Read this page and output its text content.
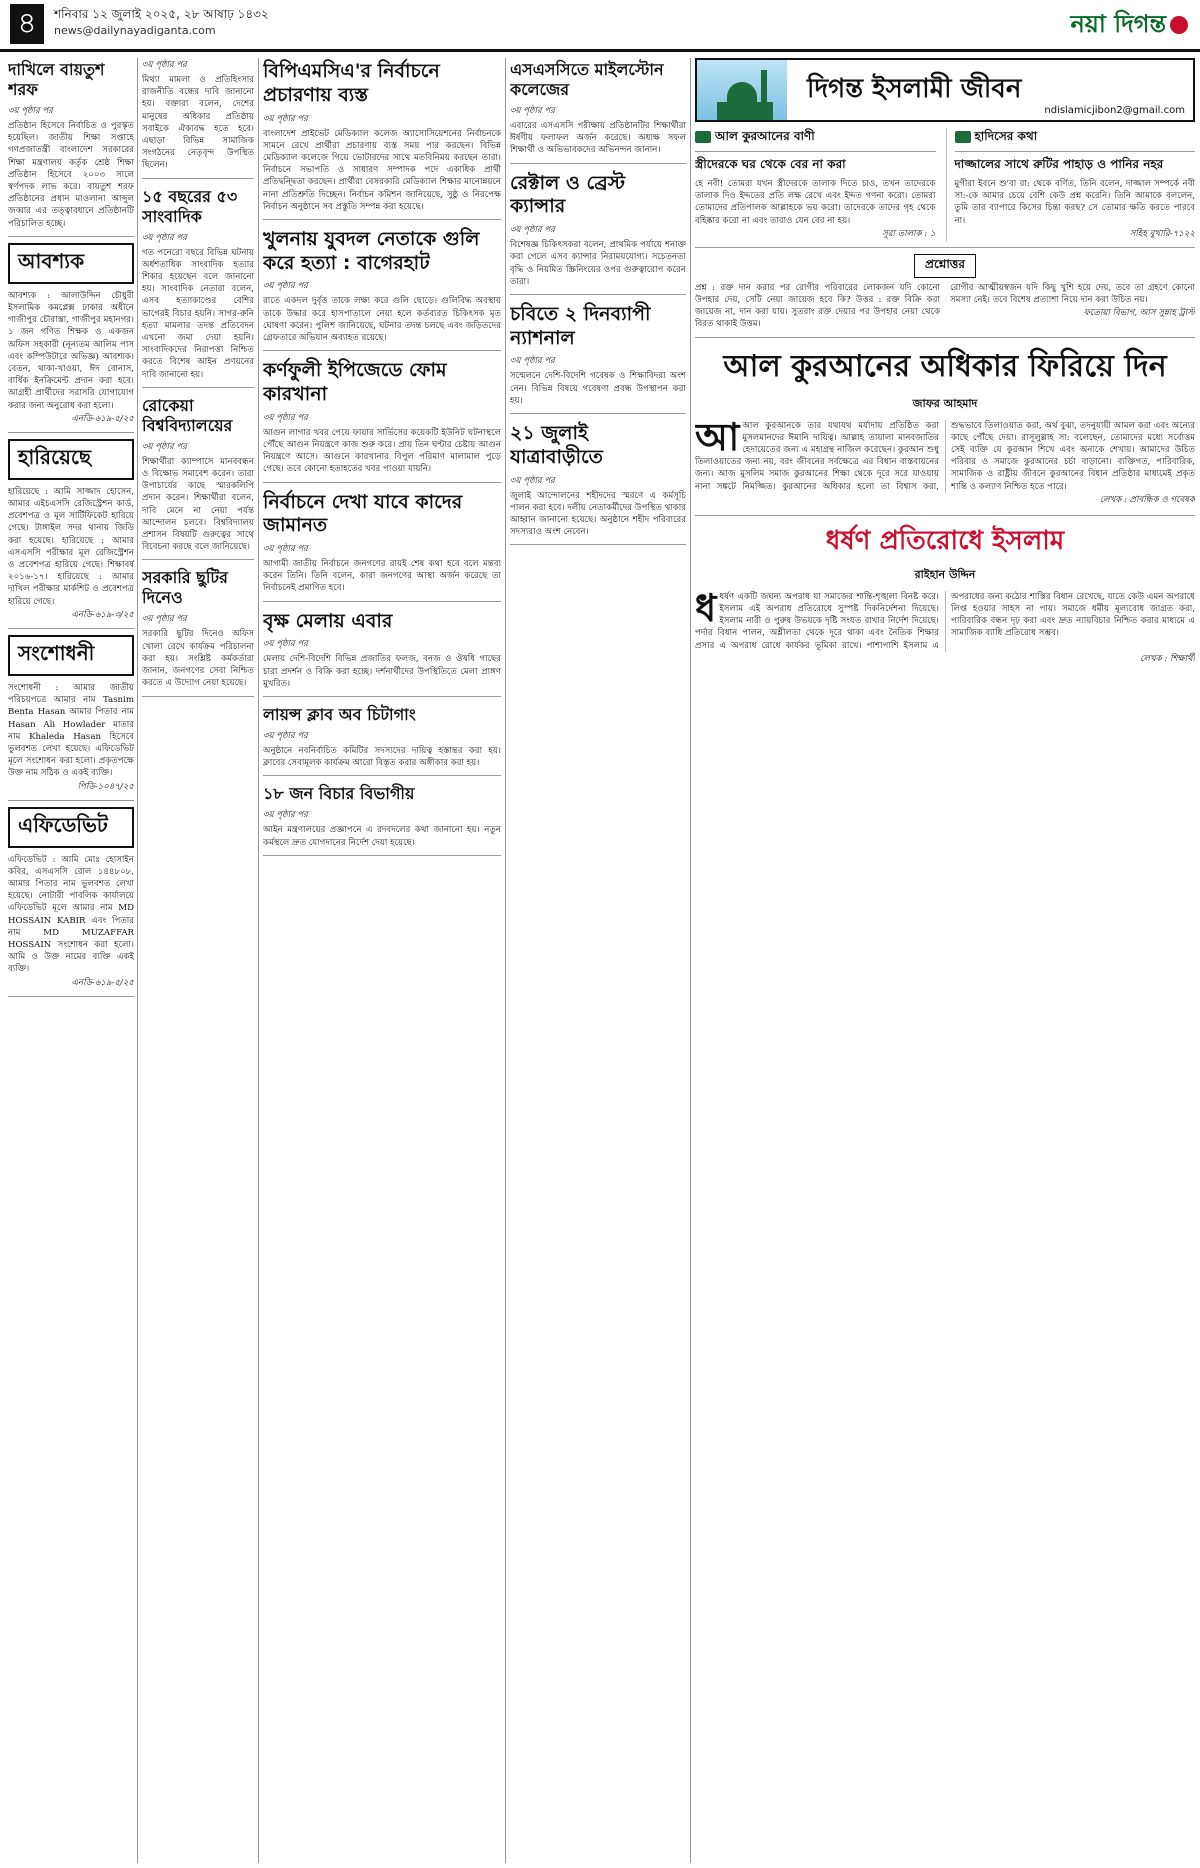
৪	শনিবার ১২ জুলাই ২০২৫, ২৮ আষাঢ় ১৪৩২
news@dailynayadiganta.com	নয়া দিগন্ত
দাখিলে বায়তুশ শরফ
৩য় পৃষ্ঠার পর
প্রতিষ্ঠান হিসেবে নির্বাচিত ও পুরস্কৃত হয়েছিল। জাতীয় শিক্ষা সপ্তাহে গণপ্রজাতন্ত্রী বাংলাদেশ সরকারের শিক্ষা মন্ত্রণালয় কর্তৃক শ্রেষ্ঠ শিক্ষা প্রতিষ্ঠান হিসেবে ২০০৩ সালে স্বর্ণপদক লাভ করে। বায়তুশ শরফ প্রতিষ্ঠানের প্রধান মাওলানা আব্দুল জব্বার এর তত্ত্বাবধানে প্রতিষ্ঠানটি পরিচালিত হচ্ছে।
আবশ্যক
আবশ্যক : আলাউদ্দিন চৌধুরী ইসলামিক কমপ্লেক্স ঢাকার অধীনে গাজীপুর চৌরাস্তা, গাজীপুর মহানগর। ১ জন গণিত শিক্ষক ও একজন অফিস সহকারী (নূন্যতম আলিম পাস এবং কম্পিউটারে অভিজ্ঞ) আবশ্যক। বেতন, থাকা-খাওয়া, ঈদ বোনাস, বার্ষিক ইনক্রিমেন্ট প্রদান করা হবে। আগ্রহী প্রার্থীদের সরাসরি যোগাযোগ করার জন্য অনুরোধ করা হলো।
এনডি-৬১৯-৫/২৫
হারিয়েছে
হারিয়েছে : আমি সাজ্জাদ হোসেন, আমার এইচএসসি রেজিস্ট্রেশন কার্ড, প্রবেশপত্র ও মূল সার্টিফিকেট হারিয়ে গেছে। টাঙ্গাইল সদর থানায় জিডি করা হয়েছে। হারিয়েছে : আমার এসএসসি পরীক্ষার মূল রেজিস্ট্রেশন ও প্রবেশপত্র হারিয়ে গেছে। শিক্ষাবর্ষ ২০১৬-১৭। হারিয়েছে : আমার দাখিল পরীক্ষার মার্কশিট ও প্রবেশপত্র হারিয়ে গেছে।
এনডি-৬১৯-৩/২৫
সংশোধনী
সংশোধনী : আমার জাতীয় পরিচয়পত্রে আমার নাম Tasnim Benta Hasan আমার পিতার নাম Hasan Ali Howlader মাতার নাম Khaleda Hasan হিসেবে ভুলবশত লেখা হয়েছে। এফিডেভিট মূলে সংশোধন করা হলো। প্রকৃতপক্ষে উক্ত নাম সঠিক ও একই ব্যক্তি।
পিডি-১০৪৭/২৫
এফিডেভিট
এফিডেভিট : আমি মোঃ হোসাইন কবির, এসএসসি রোল ১৪৪৮০৮, আমার পিতার নাম ভুলবশত লেখা হয়েছে। নোটারী পাবলিক কার্যালয়ে এফিডেভিট মূলে আমার নাম MD HOSSAIN KABIR এবং পিতার নাম MD MUZAFFAR HOSSAIN সংশোধন করা হলো। আমি ও উক্ত নামের ব্যক্তি একই ব্যক্তি।
এনডি-৬১৯-৫/২৫
৩য় পৃষ্ঠার পর
মিথ্যা মামলা ও প্রতিহিংসার রাজনীতি বন্ধের দাবি জানানো হয়। বক্তারা বলেন, দেশের মানুষের অধিকার প্রতিষ্ঠায় সবাইকে ঐক্যবদ্ধ হতে হবে। এছাড়া বিভিন্ন সামাজিক সংগঠনের নেতৃবৃন্দ উপস্থিত ছিলেন।
১৫ বছরের ৫৩ সাংবাদিক
৩য় পৃষ্ঠার পর
গত পনেরো বছরে বিভিন্ন ঘটনায় অর্ধশতাধিক সাংবাদিক হত্যার শিকার হয়েছেন বলে জানানো হয়। সাংবাদিক নেতারা বলেন, এসব হত্যাকাণ্ডের বেশির ভাগেরই বিচার হয়নি। সাগর-রুনি হত্যা মামলার তদন্ত প্রতিবেদন এখনো জমা দেয়া হয়নি। সাংবাদিকদের নিরাপত্তা নিশ্চিত করতে বিশেষ আইন প্রণয়নের দাবি জানানো হয়।
রোকেয়া বিশ্ববিদ্যালয়ের
৩য় পৃষ্ঠার পর
শিক্ষার্থীরা ক্যাম্পাসে মানববন্ধন ও বিক্ষোভ সমাবেশ করেন। তারা উপাচার্যের কাছে স্মারকলিপি প্রদান করেন। শিক্ষার্থীরা বলেন, দাবি মেনে না নেয়া পর্যন্ত আন্দোলন চলবে। বিশ্ববিদ্যালয় প্রশাসন বিষয়টি গুরুত্বের সাথে বিবেচনা করছে বলে জানিয়েছে।
সরকারি ছুটির দিনেও
৩য় পৃষ্ঠার পর
সরকারি ছুটির দিনেও অফিস খোলা রেখে কার্যক্রম পরিচালনা করা হয়। সংশ্লিষ্ট কর্মকর্তারা জানান, জনগণের সেবা নিশ্চিত করতে এ উদ্যোগ নেয়া হয়েছে।
বিপিএমসিএ'র নির্বাচনে প্রচারণায় ব্যস্ত
৩য় পৃষ্ঠার পর
বাংলাদেশ প্রাইভেট মেডিক্যাল কলেজ অ্যাসোসিয়েশনের নির্বাচনকে সামনে রেখে প্রার্থীরা প্রচারণায় ব্যস্ত সময় পার করছেন। বিভিন্ন মেডিক্যাল কলেজে গিয়ে ভোটারদের সাথে মতবিনিময় করছেন তারা। নির্বাচনে সভাপতি ও সাধারণ সম্পাদক পদে একাধিক প্রার্থী প্রতিদ্বন্দ্বিতা করছেন। প্রার্থীরা বেসরকারি মেডিক্যাল শিক্ষার মানোন্নয়নে নানা প্রতিশ্রুতি দিচ্ছেন। নির্বাচন কমিশন জানিয়েছে, সুষ্ঠু ও নিরপেক্ষ নির্বাচন অনুষ্ঠানে সব প্রস্তুতি সম্পন্ন করা হয়েছে।
খুলনায় যুবদল নেতাকে গুলি করে হত্যা : বাগেরহাট
৩য় পৃষ্ঠার পর
রাতে একদল দুর্বৃত্ত তাকে লক্ষ্য করে গুলি ছোড়ে। গুলিবিদ্ধ অবস্থায় তাকে উদ্ধার করে হাসপাতালে নেয়া হলে কর্তব্যরত চিকিৎসক মৃত ঘোষণা করেন। পুলিশ জানিয়েছে, ঘটনার তদন্ত চলছে এবং জড়িতদের গ্রেফতারে অভিযান অব্যাহত রয়েছে।
কর্ণফুলী ইপিজেডে ফোম কারখানা
৩য় পৃষ্ঠার পর
আগুন লাগার খবর পেয়ে ফায়ার সার্ভিসের কয়েকটি ইউনিট ঘটনাস্থলে পৌঁছে আগুন নিয়ন্ত্রণে কাজ শুরু করে। প্রায় তিন ঘণ্টার চেষ্টায় আগুন নিয়ন্ত্রণে আসে। আগুনে কারখানার বিপুল পরিমাণ মালামাল পুড়ে গেছে। তবে কোনো হতাহতের খবর পাওয়া যায়নি।
নির্বাচনে দেখা যাবে কাদের জামানত
৩য় পৃষ্ঠার পর
আগামী জাতীয় নির্বাচনে জনগণের রায়ই শেষ কথা হবে বলে মন্তব্য করেন তিনি। তিনি বলেন, কারা জনগণের আস্থা অর্জন করেছে তা নির্বাচনেই প্রমাণিত হবে।
বৃক্ষ মেলায় এবার
৩য় পৃষ্ঠার পর
মেলায় দেশি-বিদেশি বিভিন্ন প্রজাতির ফলজ, বনজ ও ঔষধি গাছের চারা প্রদর্শন ও বিক্রি করা হচ্ছে। দর্শনার্থীদের উপস্থিতিতে মেলা প্রাঙ্গণ মুখরিত।
লায়ন্স ক্লাব অব চিটাগাং
৩য় পৃষ্ঠার পর
অনুষ্ঠানে নবনির্বাচিত কমিটির সদস্যদের দায়িত্ব হস্তান্তর করা হয়। ক্লাবের সেবামূলক কার্যক্রম আরো বিস্তৃত করার অঙ্গীকার করা হয়।
১৮ জন বিচার বিভাগীয়
৩য় পৃষ্ঠার পর
আইন মন্ত্রণালয়ের প্রজ্ঞাপনে এ রদবদলের কথা জানানো হয়। নতুন কর্মস্থলে দ্রুত যোগদানের নির্দেশ দেয়া হয়েছে।
এসএসসিতে মাইলস্টোন কলেজের
৩য় পৃষ্ঠার পর
এবারের এসএসসি পরীক্ষায় প্রতিষ্ঠানটির শিক্ষার্থীরা ঈর্ষণীয় ফলাফল অর্জন করেছে। অধ্যক্ষ সফল শিক্ষার্থী ও অভিভাবকদের অভিনন্দন জানান।
রেক্টাল ও ব্রেস্ট ক্যান্সার
৩য় পৃষ্ঠার পর
বিশেষজ্ঞ চিকিৎসকরা বলেন, প্রাথমিক পর্যায়ে শনাক্ত করা গেলে এসব ক্যান্সার নিরাময়যোগ্য। সচেতনতা বৃদ্ধি ও নিয়মিত স্ক্রিনিংয়ের ওপর গুরুত্বারোপ করেন তারা।
চবিতে ২ দিনব্যাপী ন্যাশনাল
৩য় পৃষ্ঠার পর
সম্মেলনে দেশি-বিদেশি গবেষক ও শিক্ষাবিদরা অংশ নেন। বিভিন্ন বিষয়ে গবেষণা প্রবন্ধ উপস্থাপন করা হয়।
২১ জুলাই যাত্রাবাড়ীতে
৩য় পৃষ্ঠার পর
জুলাই আন্দোলনের শহীদদের স্মরণে এ কর্মসূচি পালন করা হবে। দলীয় নেতাকর্মীদের উপস্থিত থাকার আহ্বান জানানো হয়েছে। অনুষ্ঠানে শহীদ পরিবারের সদস্যরাও অংশ নেবেন।
দিগন্ত ইসলামী জীবন
ndislamicjibon2@gmail.com
আল কুরআনের বাণী
স্ত্রীদেরকে ঘর থেকে বের না করা
হে নবী! তোমরা যখন স্ত্রীদেরকে তালাক দিতে চাও, তখন তাদেরকে তালাক দিও ইদ্দতের প্রতি লক্ষ রেখে এবং ইদ্দত গণনা করো। তোমরা তোমাদের প্রতিপালক আল্লাহকে ভয় করো। তাদেরকে তাদের গৃহ থেকে বহিষ্কার করো না এবং তারাও যেন বের না হয়।
সূরা তালাক : ১
হাদিসের কথা
দাজ্জালের সাথে রুটির পাহাড় ও পানির নহর
মুগীরা ইবনে শু'বা রা: থেকে বর্ণিত, তিনি বলেন, দাজ্জাল সম্পর্কে নবী সা:-কে আমার চেয়ে বেশি কেউ প্রশ্ন করেনি। তিনি আমাকে বললেন, তুমি তার ব্যাপারে কিসের চিন্তা করছ? সে তোমার ক্ষতি করতে পারবে না।
সহিহ বুখারি-৭১২২
প্রশ্নোত্তর
প্রশ্ন : রক্ত দান করার পর রোগীর পরিবারের লোকজন যদি কোনো উপহার দেয়, সেটি নেয়া জায়েজ হবে কি? উত্তর : রক্ত বিক্রি করা জায়েজ না, দান করা যায়। সুতরাং রক্ত দেয়ার পর উপহার নেয়া থেকে বিরত থাকাই উত্তম।
রোগীর আত্মীয়স্বজন যদি কিছু খুশি হয়ে দেয়, তবে তা গ্রহণে কোনো সমস্যা নেই। তবে বিশেষ প্রত্যাশা নিয়ে দান করা উচিত নয়।
ফতোয়া বিভাগ, আস সুন্নাহ ট্রাস্ট
আল কুরআনের অধিকার ফিরিয়ে দিন
জাফর আহমাদ
আআল কুরআনকে তার যথাযথ মর্যাদায় প্রতিষ্ঠিত করা মুসলমানদের ঈমানি দায়িত্ব। আল্লাহ তায়ালা মানবজাতির হেদায়েতের জন্য এ মহাগ্রন্থ নাজিল করেছেন। কুরআন শুধু তিলাওয়াতের জন্য নয়, বরং জীবনের সর্বক্ষেত্রে এর বিধান বাস্তবায়নের জন্য। আজ মুসলিম সমাজ কুরআনের শিক্ষা থেকে দূরে সরে যাওয়ায় নানা সঙ্কটে নিমজ্জিত। কুরআনের অধিকার হলো তা বিশ্বাস করা, শুদ্ধভাবে তিলাওয়াত করা, অর্থ বুঝা, তদনুযায়ী আমল করা এবং অন্যের কাছে পৌঁছে দেয়া। রাসূলুল্লাহ সা: বলেছেন, তোমাদের মধ্যে সর্বোত্তম সেই ব্যক্তি যে কুরআন শিখে এবং অন্যকে শেখায়। আমাদের উচিত পরিবার ও সমাজে কুরআনের চর্চা বাড়ানো। ব্যক্তিগত, পারিবারিক, সামাজিক ও রাষ্ট্রীয় জীবনে কুরআনের বিধান প্রতিষ্ঠার মাধ্যমেই প্রকৃত শান্তি ও কল্যাণ নিশ্চিত হতে পারে।
লেখক : প্রাবন্ধিক ও গবেষক
ধর্ষণ প্রতিরোধে ইসলাম
রাইহান উদ্দিন
ধধর্ষণ একটি জঘন্য অপরাধ যা সমাজের শান্তি-শৃঙ্খলা বিনষ্ট করে। ইসলাম এই অপরাধ প্রতিরোধে সুস্পষ্ট দিকনির্দেশনা দিয়েছে। ইসলাম নারী ও পুরুষ উভয়কে দৃষ্টি সংযত রাখার নির্দেশ দিয়েছে। পর্দার বিধান পালন, অশ্লীলতা থেকে দূরে থাকা এবং নৈতিক শিক্ষার প্রসার এ অপরাধ রোধে কার্যকর ভূমিকা রাখে। পাশাপাশি ইসলাম এ অপরাধের জন্য কঠোর শাস্তির বিধান রেখেছে, যাতে কেউ এমন অপরাধে লিপ্ত হওয়ার সাহস না পায়। সমাজে ধর্মীয় মূল্যবোধ জাগ্রত করা, পারিবারিক বন্ধন দৃঢ় করা এবং দ্রুত ন্যায়বিচার নিশ্চিত করার মাধ্যমে এ সামাজিক ব্যাধি প্রতিরোধ সম্ভব।
লেখক : শিক্ষার্থী
